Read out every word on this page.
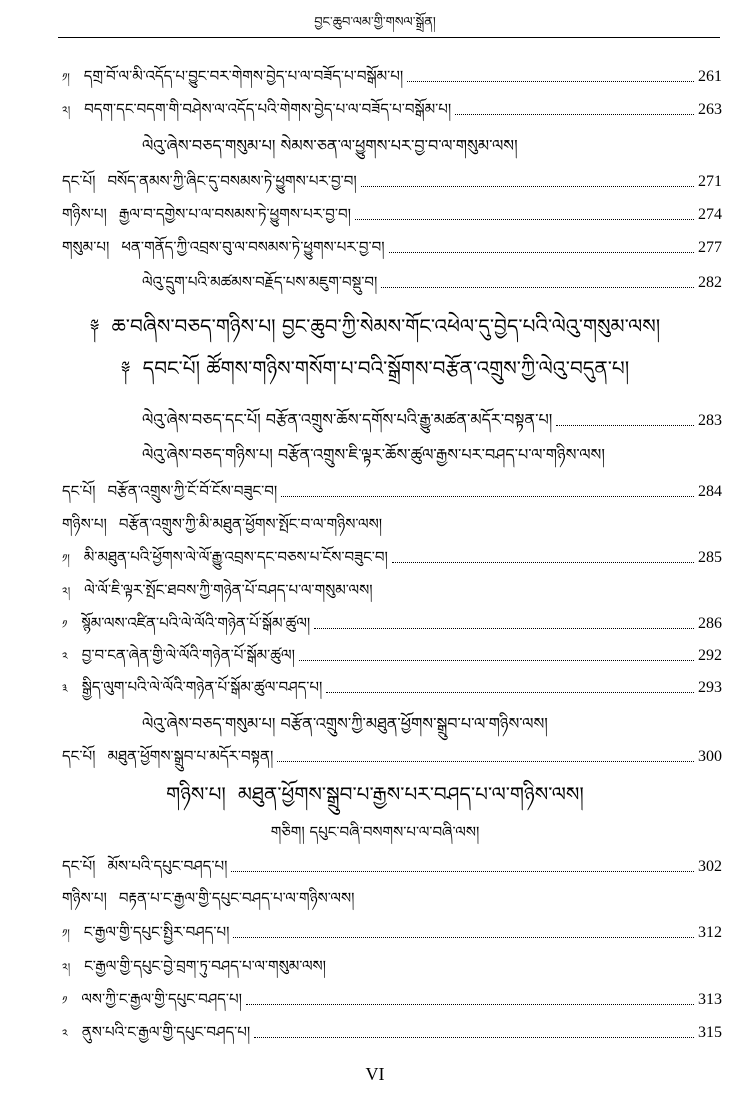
བྱང་ཆུབ་ལམ་གྱི་གསལ་སྒྲོན།
༡། དགྲ་བོ་ལ་མི་འདོད་པ་བྱུང་བར་གེགས་བྱེད་པ་ལ་བཟོད་པ་བསྒོམ་པ།	261
༢། བདག་དང་བདག་གི་བཤེས་ལ་འདོད་པའི་གེགས་བྱེད་པ་ལ་བཟོད་པ་བསྒོམ་པ།	263
ལེའུ་ཞེས་བཅད་གསུམ་པ། སེམས་ཅན་ལ་ཕྱུགས་པར་བྱ་བ་ལ་གསུམ་ལས།
དང་པོ། བསོད་ནམས་ཀྱི་ཞིང་དུ་བསམས་ཏེ་ཕྱུགས་པར་བྱ་བ།	271
གཉིས་པ། རྒྱལ་བ་དགྱེས་པ་ལ་བསམས་ཏེ་ཕྱུགས་པར་བྱ་བ།	274
གསུམ་པ། ཕན་གནོད་ཀྱི་འབྲས་བུ་ལ་བསམས་ཏེ་ཕྱུགས་པར་བྱ་བ།	277
ལེའུ་དྲུག་པའི་མཚམས་བརྗོད་པས་མཇུག་བསྡུ་བ།	282
༈ ཆ་བཞིས་བཅད་གཉིས་པ། བྱང་ཆུབ་ཀྱི་སེམས་གོང་འཕེལ་དུ་བྱེད་པའི་ལེའུ་གསུམ་ལས།
༈ དབང་པོ། ཚོགས་གཉིས་གསོག་པ་བའི་སྒྲོགས་བརྩོན་འགྲུས་ཀྱི་ལེའུ་བདུན་པ།
ལེའུ་ཞེས་བཅད་དང་པོ། བརྩོན་འགྲུས་ཆོས་དགོས་པའི་རྒྱུ་མཚན་མདོར་བསྟན་པ།	283
ལེའུ་ཞེས་བཅད་གཉིས་པ། བརྩོན་འགྲུས་ཇི་ལྟར་ཆོས་ཚུལ་རྒྱས་པར་བཤད་པ་ལ་གཉིས་ལས།
དང་པོ། བརྩོན་འགྲུས་ཀྱི་ངོ་བོ་ངོས་བཟུང་བ།	284
གཉིས་པ། བརྩོན་འགྲུས་ཀྱི་མི་མཐུན་ཕྱོགས་སྤོང་བ་ལ་གཉིས་ལས།
༡། མི་མཐུན་པའི་ཕྱོགས་ལེ་ལོ་རྒྱུ་འབྲས་དང་བཅས་པ་ངོས་བཟུང་བ།	285
༢། ལེ་ལོ་ཇི་ལྟར་སྤོང་ཐབས་ཀྱི་གཉེན་པོ་བཤད་པ་ལ་གསུམ་ལས།
༡ སྙོམ་ལས་འཛིན་པའི་ལེ་ལོའི་གཉེན་པོ་སྒོམ་ཚུལ།	286
༢ བྱ་བ་ངན་ཞེན་གྱི་ལེ་ལོའི་གཉེན་པོ་སྒོམ་ཚུལ།	292
༣ སྒྱིད་ལུག་པའི་ལེ་ལོའི་གཉེན་པོ་སྒོམ་ཚུལ་བཤད་པ།	293
ལེའུ་ཞེས་བཅད་གསུམ་པ། བརྩོན་འགྲུས་ཀྱི་མཐུན་ཕྱོགས་སྒྲུབ་པ་ལ་གཉིས་ལས།
དང་པོ། མཐུན་ཕྱོགས་སྒྲུབ་པ་མདོར་བསྟན།	300
གཉིས་པ། མཐུན་ཕྱོགས་སྒྲུབ་པ་རྒྱས་པར་བཤད་པ་ལ་གཉིས་ལས།
གཅིག། དཔུང་བཞི་བསགས་པ་ལ་བཞི་ལས།
དང་པོ། མོས་པའི་དཔུང་བཤད་པ།	302
གཉིས་པ། བརྟན་པ་ང་རྒྱལ་གྱི་དཔུང་བཤད་པ་ལ་གཉིས་ལས།
༡། ང་རྒྱལ་གྱི་དཔུང་སྤྱིར་བཤད་པ།	312
༢། ང་རྒྱལ་གྱི་དཔུང་བྱེ་བྲག་ཏུ་བཤད་པ་ལ་གསུམ་ལས།
༡ ལས་ཀྱི་ང་རྒྱལ་གྱི་དཔུང་བཤད་པ།	313
༢ ནུས་པའི་ང་རྒྱལ་གྱི་དཔུང་བཤད་པ།	315
VI
